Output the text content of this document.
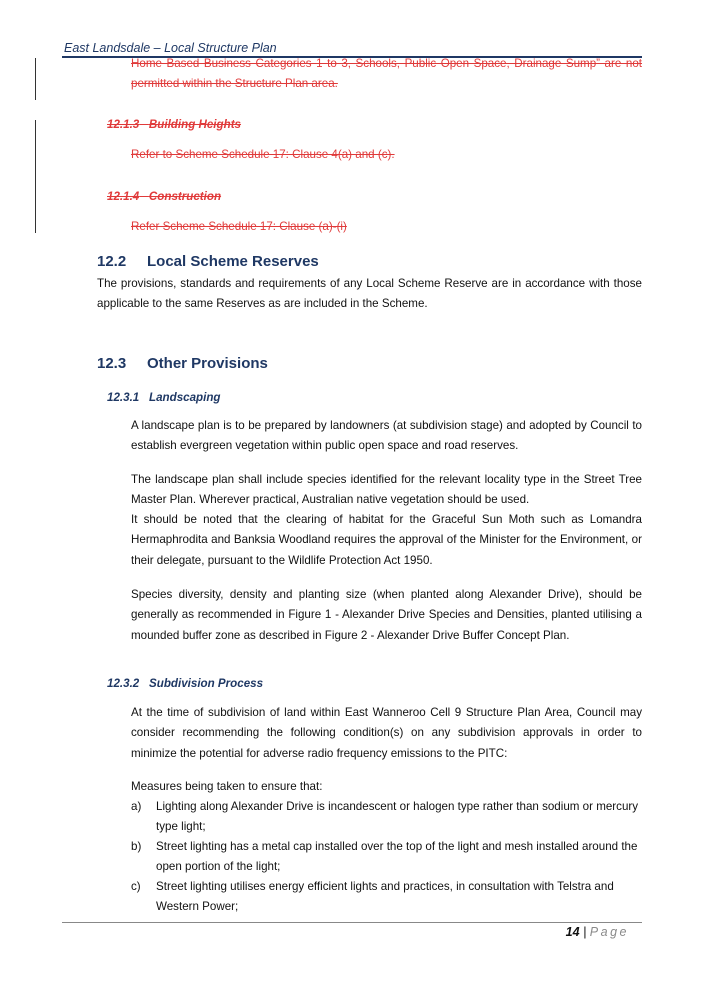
East Landsdale – Local Structure Plan
Home Based Business Categories 1 to 3, Schools, Public Open Space, Drainage Sump” are not permitted within the Structure Plan area.
12.1.3 Building Heights
Refer to Scheme Schedule 17: Clause 4(a) and (c).
12.1.4 Construction
Refer Scheme Schedule 17: Clause (a)-(i)
12.2 Local Scheme Reserves
The provisions, standards and requirements of any Local Scheme Reserve are in accordance with those applicable to the same Reserves as are included in the Scheme.
12.3 Other Provisions
12.3.1 Landscaping
A landscape plan is to be prepared by landowners (at subdivision stage) and adopted by Council to establish evergreen vegetation within public open space and road reserves.
The landscape plan shall include species identified for the relevant locality type in the Street Tree Master Plan. Wherever practical, Australian native vegetation should be used.
It should be noted that the clearing of habitat for the Graceful Sun Moth such as Lomandra Hermaphrodita and Banksia Woodland requires the approval of the Minister for the Environment, or their delegate, pursuant to the Wildlife Protection Act 1950.
Species diversity, density and planting size (when planted along Alexander Drive), should be generally as recommended in Figure 1 - Alexander Drive Species and Densities, planted utilising a mounded buffer zone as described in Figure 2 - Alexander Drive Buffer Concept Plan.
12.3.2 Subdivision Process
At the time of subdivision of land within East Wanneroo Cell 9 Structure Plan Area, Council may consider recommending the following condition(s) on any subdivision approvals in order to minimize the potential for adverse radio frequency emissions to the PITC:
Measures being taken to ensure that:
a) Lighting along Alexander Drive is incandescent or halogen type rather than sodium or mercury type light;
b) Street lighting has a metal cap installed over the top of the light and mesh installed around the open portion of the light;
c) Street lighting utilises energy efficient lights and practices, in consultation with Telstra and Western Power;
14 | Page
